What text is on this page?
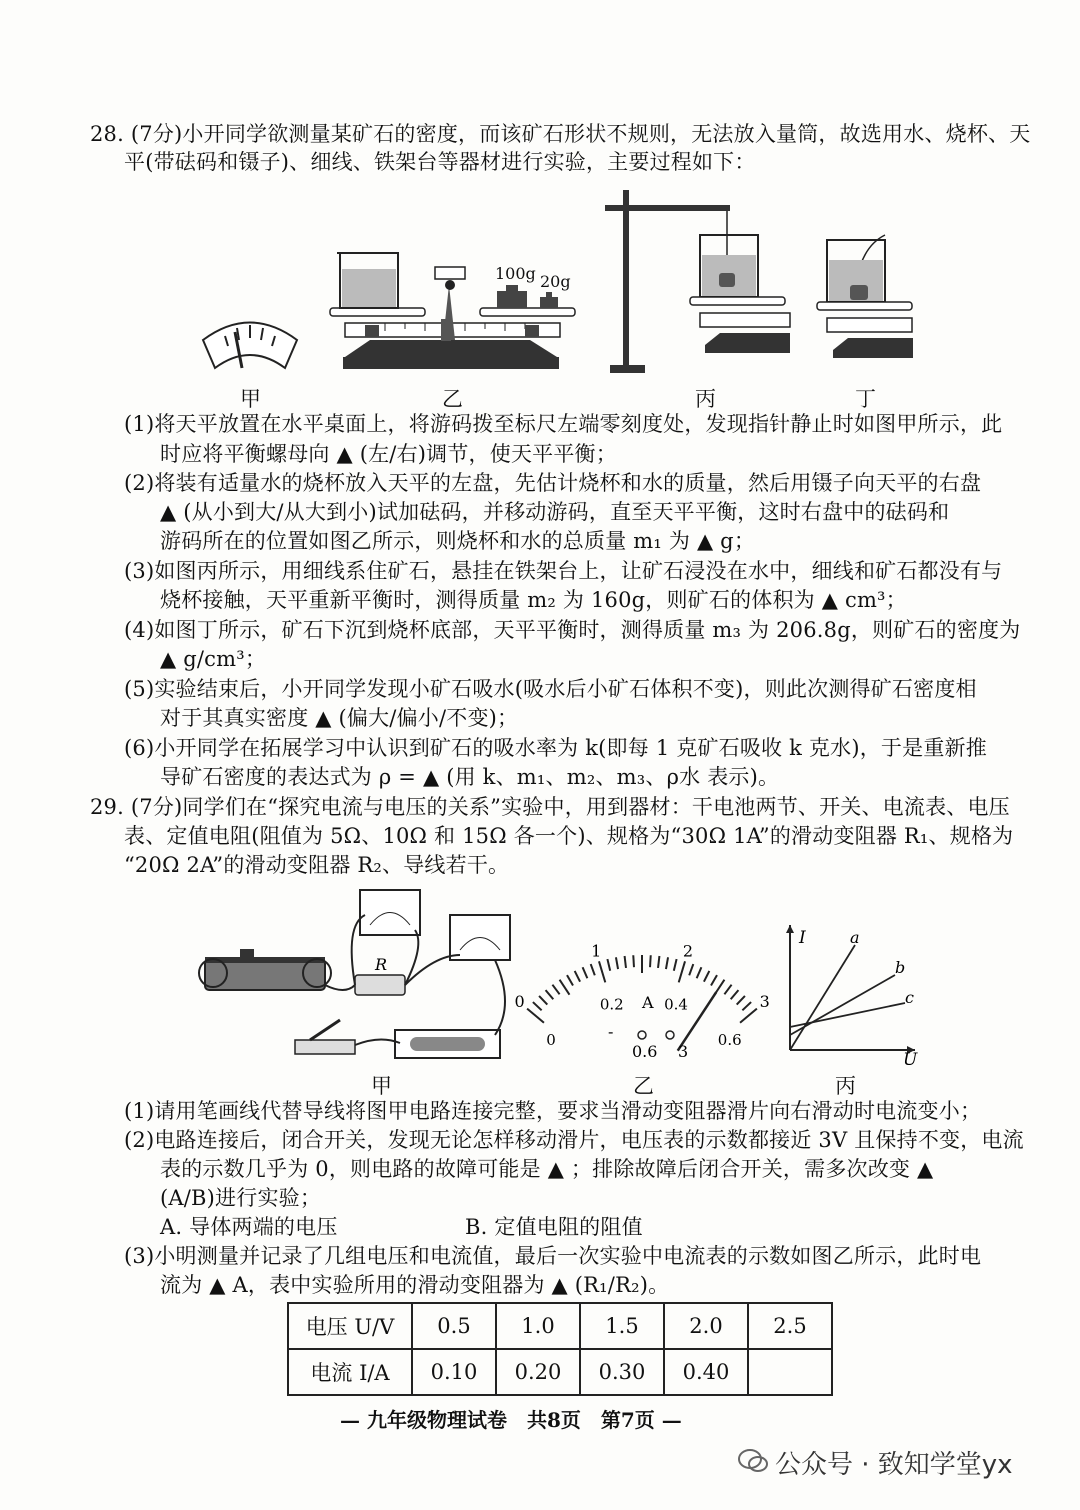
28. (7分)小开同学欲测量某矿石的密度，而该矿石形状不规则，无法放入量筒，故选用水、烧杯、天
平(带砝码和镊子)、细线、铁架台等器材进行实验，主要过程如下：
甲
100g 20g
乙	丙	丁
(1)将天平放置在水平桌面上，将游码拨至标尺左端零刻度处，发现指针静止时如图甲所示，此
时应将平衡螺母向 ▲ (左/右)调节，使天平平衡；
(2)将装有适量水的烧杯放入天平的左盘，先估计烧杯和水的质量，然后用镊子向天平的右盘
▲ (从小到大/从大到小)试加砝码，并移动游码，直至天平平衡，这时右盘中的砝码和
游码所在的位置如图乙所示，则烧杯和水的总质量 m₁ 为 ▲ g；
(3)如图丙所示，用细线系住矿石，悬挂在铁架台上，让矿石浸没在水中，细线和矿石都没有与
烧杯接触，天平重新平衡时，测得质量 m₂ 为 160g，则矿石的体积为 ▲ cm³；
(4)如图丁所示，矿石下沉到烧杯底部，天平平衡时，测得质量 m₃ 为 206.8g，则矿石的密度为
▲ g/cm³；
(5)实验结束后，小开同学发现小矿石吸水(吸水后小矿石体积不变)，则此次测得矿石密度相
对于其真实密度 ▲ (偏大/偏小/不变)；
(6)小开同学在拓展学习中认识到矿石的吸水率为 k(即每 1 克矿石吸收 k 克水)，于是重新推
导矿石密度的表达式为 ρ = ▲ (用 k、m₁、m₂、m₃、ρ水 表示)。
29. (7分)同学们在“探究电流与电压的关系”实验中，用到器材：干电池两节、开关、电流表、电压
表、定值电阻(阻值为 5Ω、10Ω 和 15Ω 各一个)、规格为“30Ω 1A”的滑动变阻器 R₁、规格为
“20Ω 2A”的滑动变阻器 R₂、导线若干。
R
甲
-
0.6 3
A
0
1	2
3
0
0.2	0.4
0.6
乙
I
U
a
b
c
丙
(1)请用笔画线代替导线将图甲电路连接完整，要求当滑动变阻器滑片向右滑动时电流变小；
(2)电路连接后，闭合开关，发现无论怎样移动滑片，电压表的示数都接近 3V 且保持不变，电流
表的示数几乎为 0，则电路的故障可能是 ▲ ；排除故障后闭合开关，需多次改变 ▲
(A/B)进行实验；
A. 导体两端的电压	B. 定值电阻的阻值
(3)小明测量并记录了几组电压和电流值，最后一次实验中电流表的示数如图乙所示，此时电
流为 ▲ A，表中实验所用的滑动变阻器为 ▲ (R₁/R₂)。
电压 U/V	0.5	1.0	1.5	2.0	2.5
电流 I/A	0.10	0.20	0.30	0.40	
— 九年级物理试卷　共8页　第7页 —
公众号 · 致知学堂yx
